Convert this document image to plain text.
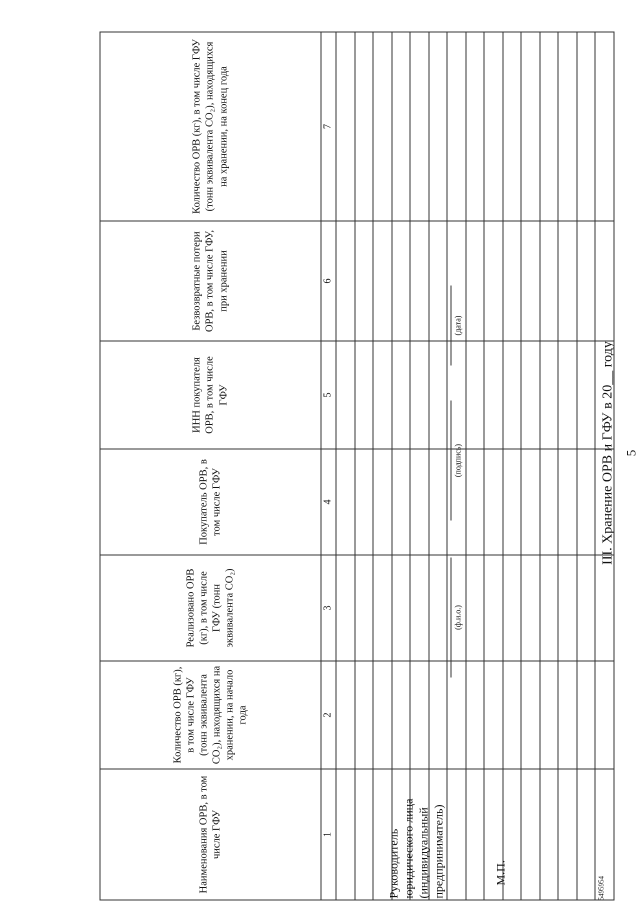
5
III. Хранение ОРВ и ГФУ в 20__ году
Наименования ОРВ, в том числе ГФУ	Количество ОРВ (кг), в том числе ГФУ (тонн эквивалента CO₂), находящихся на хранении, на начало года	Реализовано ОРВ (кг), в том числе ГФУ (тонн эквивалента CO₂)	Покупатель ОРВ, в том числе ГФУ	ИНН покупателя ОРВ, в том числе ГФУ	Безвозвратные потери ОРВ, в том числе ГФУ, при хранении	Количество ОРВ (кг), в том числе ГФУ (тонн эквивалента CO₂), находящихся на хранении, на конец года

1	2	3	4	5	6	7

Руководитель юридического лица (индивидуальный предприниматель)
(ф.и.о.)
(подпись)
(дата)
М.П.
5495954
